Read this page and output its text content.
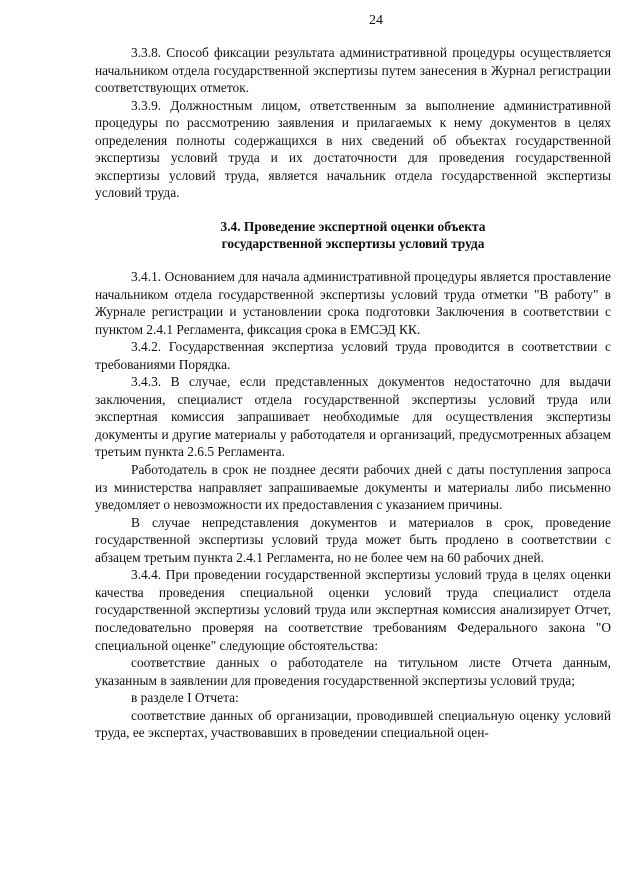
24

3.3.8. Способ фиксации результата административной процедуры осуществляется начальником отдела государственной экспертизы путем занесения в Журнал регистрации соответствующих отметок.

3.3.9. Должностным лицом, ответственным за выполнение административной процедуры по рассмотрению заявления и прилагаемых к нему документов в целях определения полноты содержащихся в них сведений об объектах государственной экспертизы условий труда и их достаточности для проведения государственной экспертизы условий труда, является начальник отдела государственной экспертизы условий труда.

3.4. Проведение экспертной оценки объекта
государственной экспертизы условий труда

3.4.1. Основанием для начала административной процедуры является проставление начальником отдела государственной экспертизы условий труда отметки "В работу" в Журнале регистрации и установлении срока подготовки Заключения в соответствии с пунктом 2.4.1 Регламента, фиксация срока в ЕМСЭД КК.

3.4.2. Государственная экспертиза условий труда проводится в соответствии с требованиями Порядка.

3.4.3. В случае, если представленных документов недостаточно для выдачи заключения, специалист отдела государственной экспертизы условий труда или экспертная комиссия запрашивает необходимые для осуществления экспертизы документы и другие материалы у работодателя и организаций, предусмотренных абзацем третьим пункта 2.6.5 Регламента.

Работодатель в срок не позднее десяти рабочих дней с даты поступления запроса из министерства направляет запрашиваемые документы и материалы либо письменно уведомляет о невозможности их предоставления с указанием причины.

В случае непредставления документов и материалов в срок, проведение государственной экспертизы условий труда может быть продлено в соответствии с абзацем третьим пункта 2.4.1 Регламента, но не более чем на 60 рабочих дней.

3.4.4. При проведении государственной экспертизы условий труда в целях оценки качества проведения специальной оценки условий труда специалист отдела государственной экспертизы условий труда или экспертная комиссия анализирует Отчет, последовательно проверяя на соответствие требованиям Федерального закона "О специальной оценке" следующие обстоятельства:

соответствие данных о работодателе на титульном листе Отчета данным, указанным в заявлении для проведения государственной экспертизы условий труда;

в разделе I Отчета:

соответствие данных об организации, проводившей специальную оценку условий труда, ее экспертах, участвовавших в проведении специальной оцен-
